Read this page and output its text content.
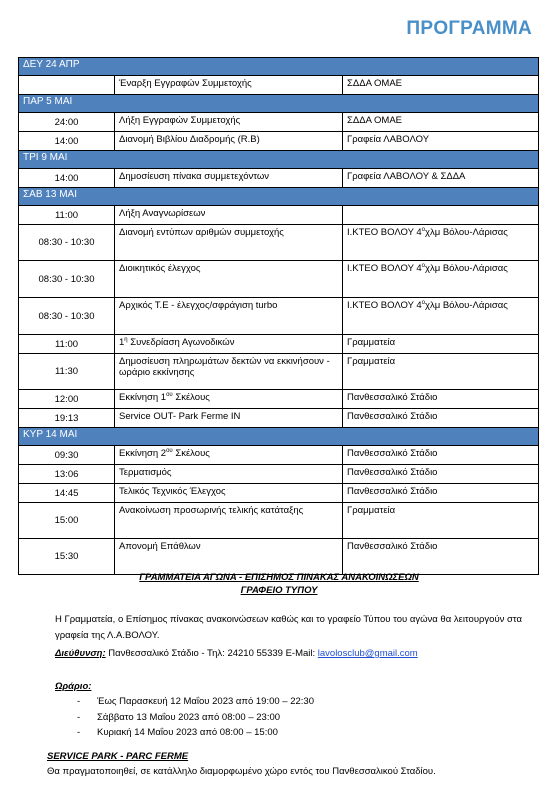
ΠΡΟΓΡΑΜΜΑ
ΔΕΥ 24 ΑΠΡ		
	Έναρξη Εγγραφών Συμμετοχής	ΣΔΔΑ ΟΜΑΕ
ΠΑΡ 5 ΜΑΙ		
24:00	Λήξη Εγγραφών Συμμετοχής	ΣΔΔΑ ΟΜΑΕ
14:00	Διανομή Βιβλίου Διαδρομής (R.B)	Γραφεία ΛΑΒΟΛΟΥ
ΤΡΙ 9 ΜΑΙ		
14:00	Δημοσίευση πίνακα συμμετεχόντων	Γραφεία ΛΑΒΟΛΟΥ & ΣΔΔΑ
ΣΑΒ 13 ΜΑΙ		
11:00	Λήξη Αναγνωρίσεων	
08:30 - 10:30	Διανομή εντύπων αριθμών συμμετοχής	Ι.ΚΤΕΟ ΒΟΛΟΥ $4^o\chi\lambda\mu$ Βόλου-Λάρισας
08:30 - 10:30	Διοικητικός έλεγχος	Ι.ΚΤΕΟ ΒΟΛΟΥ $4^o\chi\lambda\mu$ Βόλου-Λάρισας
08:30 - 10:30	Αρχικός Τ.Ε - έλεγχος/σφράγιση turbo	Ι.ΚΤΕΟ ΒΟΛΟΥ $4^o\chi\lambda\mu$ Βόλου-Λάρισας
11:00	$1^\eta$ Συνεδρίαση Αγωνοδικών	Γραμματεία
11:30	Δημοσίευση πληρωμάτων δεκτών να εκκινήσουν - ωράριο εκκίνησης	Γραμματεία
12:00	Εκκίνηση $1^{o\upsilon}$ Σκέλους	Πανθεσσαλικό Στάδιο
19:13	Service OUT- Park Ferme IN	Πανθεσσαλικό Στάδιο
ΚΥΡ 14 ΜΑΙ		
09:30	Εκκίνηση $2^{o\upsilon}$ Σκέλους	Πανθεσσαλικό Στάδιο
13:06	Τερματισμός	Πανθεσσαλικό Στάδιο
14:45	Τελικός Τεχνικός Έλεγχος	Πανθεσσαλικό Στάδιο
15:00	Ανακοίνωση προσωρινής τελικής κατάταξης	Γραμματεία
15:30	Απονομή Επάθλων	Πανθεσσαλικό Στάδιο
ΓΡΑΜΜΑΤΕΙΑ ΑΓΩΝΑ - ΕΠΙΣΗΜΟΣ ΠΙΝΑΚΑΣ ΑΝΑΚΟΙΝΩΣΕΩΝ
ΓΡΑΦΕΙΟ ΤΥΠΟΥ
Η Γραμματεία, ο Επίσημος πίνακας ανακοινώσεων καθώς και το γραφείο Τύπου του αγώνα θα λειτουργούν στα γραφεία της Λ.Α.ΒΟΛΟΥ.
Διεύθυνση: Πανθεσσαλικό Στάδιο - Τηλ: 24210 55339 E-Mail: lavolosclub@gmail.com
Ωράριο:
- Έως Παρασκευή 12 Μαΐου 2023 από 19:00 – 22:30
- Σάββατο 13 Μαΐου 2023 από 08:00 – 23:00
- Κυριακή 14 Μαΐου 2023 από 08:00 – 15:00
SERVICE PARK - PARC FERME
Θα πραγματοποιηθεί, σε κατάλληλο διαμορφωμένο χώρο εντός του Πανθεσσαλικού Σταδίου.
